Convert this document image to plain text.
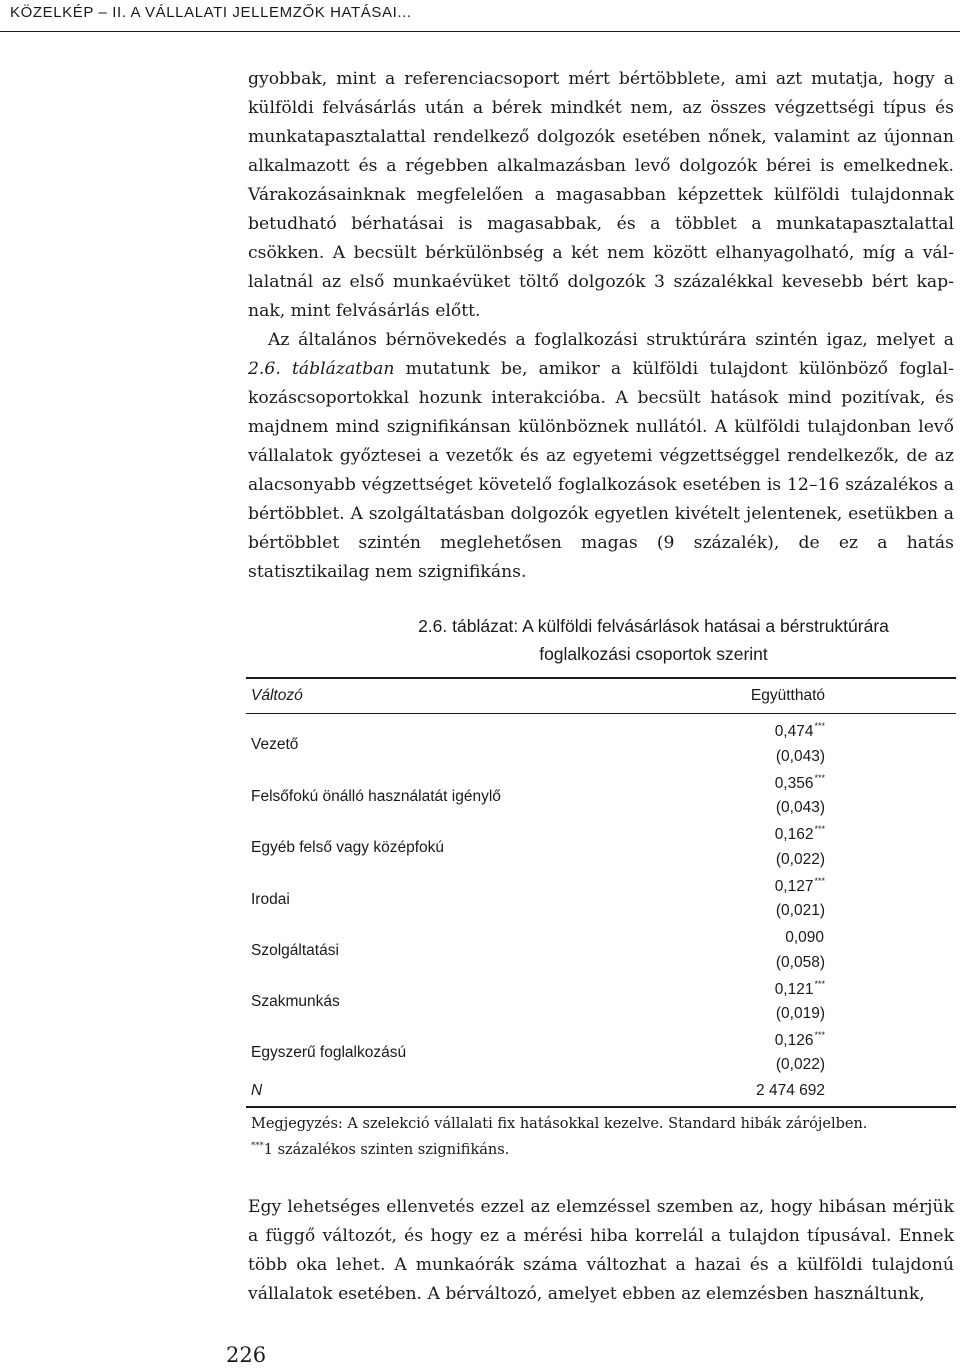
KÖZELKÉP – II. A VÁLLALATI JELLEMZŐK HATÁSAI...

gyobbak, mint a referenciacsoport mért bértöbblete, ami azt mutatja, hogy a külföldi felvásárlás után a bérek mindkét nem, az összes végzettségi típus és munkatapasztalattal rendelkező dolgozók esetében nőnek, valamint az újonnan alkalmazott és a régebben alkalmazásban levő dolgozók bérei is emelkednek. Várakozásainknak megfelelően a magasabban képzettek külföldi tulajdonnak betudható bérhatásai is magasabbak, és a többlet a munkatapasztalattal csökken. A becsült bérkülönbség a két nem között elhanyagolható, míg a vállalatnál az első munkaévüket töltő dolgozók 3 százalékkal kevesebb bért kapnak, mint felvásárlás előtt.

Az általános bérnövekedés a foglalkozási struktúrára szintén igaz, melyet a 2.6. táblázatban mutatunk be, amikor a külföldi tulajdont különböző foglalkozáscsoportokkal hozunk interakcióba. A becsült hatások mind pozitívak, és majdnem mind szignifikánsan különböznek nullától. A külföldi tulajdonban levő vállalatok győztesei a vezetők és az egyetemi végzettséggel rendelkezők, de az alacsonyabb végzettséget követelő foglalkozások esetében is 12–16 százalékos a bértöbblet. A szolgáltatásban dolgozók egyetlen kivételt jelentenek, esetükben a bértöbblet szintén meglehetősen magas (9 százalék), de ez a hatás statisztikailag nem szignifikáns.

2.6. táblázat: A külföldi felvásárlások hatásai a bérstruktúrára
foglalkozási csoportok szerint
Változó	Együttható
0,474***
Vezető
(0,043)
0,356***
Felsőfokú önálló használatát igénylő
(0,043)
0,162***
Egyéb felső vagy középfokú
(0,022)
0,127***
Irodai
(0,021)
0,090
Szolgáltatási
(0,058)
0,121***
Szakmunkás
(0,019)
0,126***
Egyszerű foglalkozású
(0,022)
N	2 474 692

Megjegyzés: A szelekció vállalati fix hatásokkal kezelve. Standard hibák zárójelben.

***1 százalékos szinten szignifikáns.

Egy lehetséges ellenvetés ezzel az elemzéssel szemben az, hogy hibásan mérjük a függő változót, és hogy ez a mérési hiba korrelál a tulajdon típusával. Ennek több oka lehet. A munkaórák száma változhat a hazai és a külföldi tulajdonú vállalatok esetében. A bérváltozó, amelyet ebben az elemzésben használtunk,

226
